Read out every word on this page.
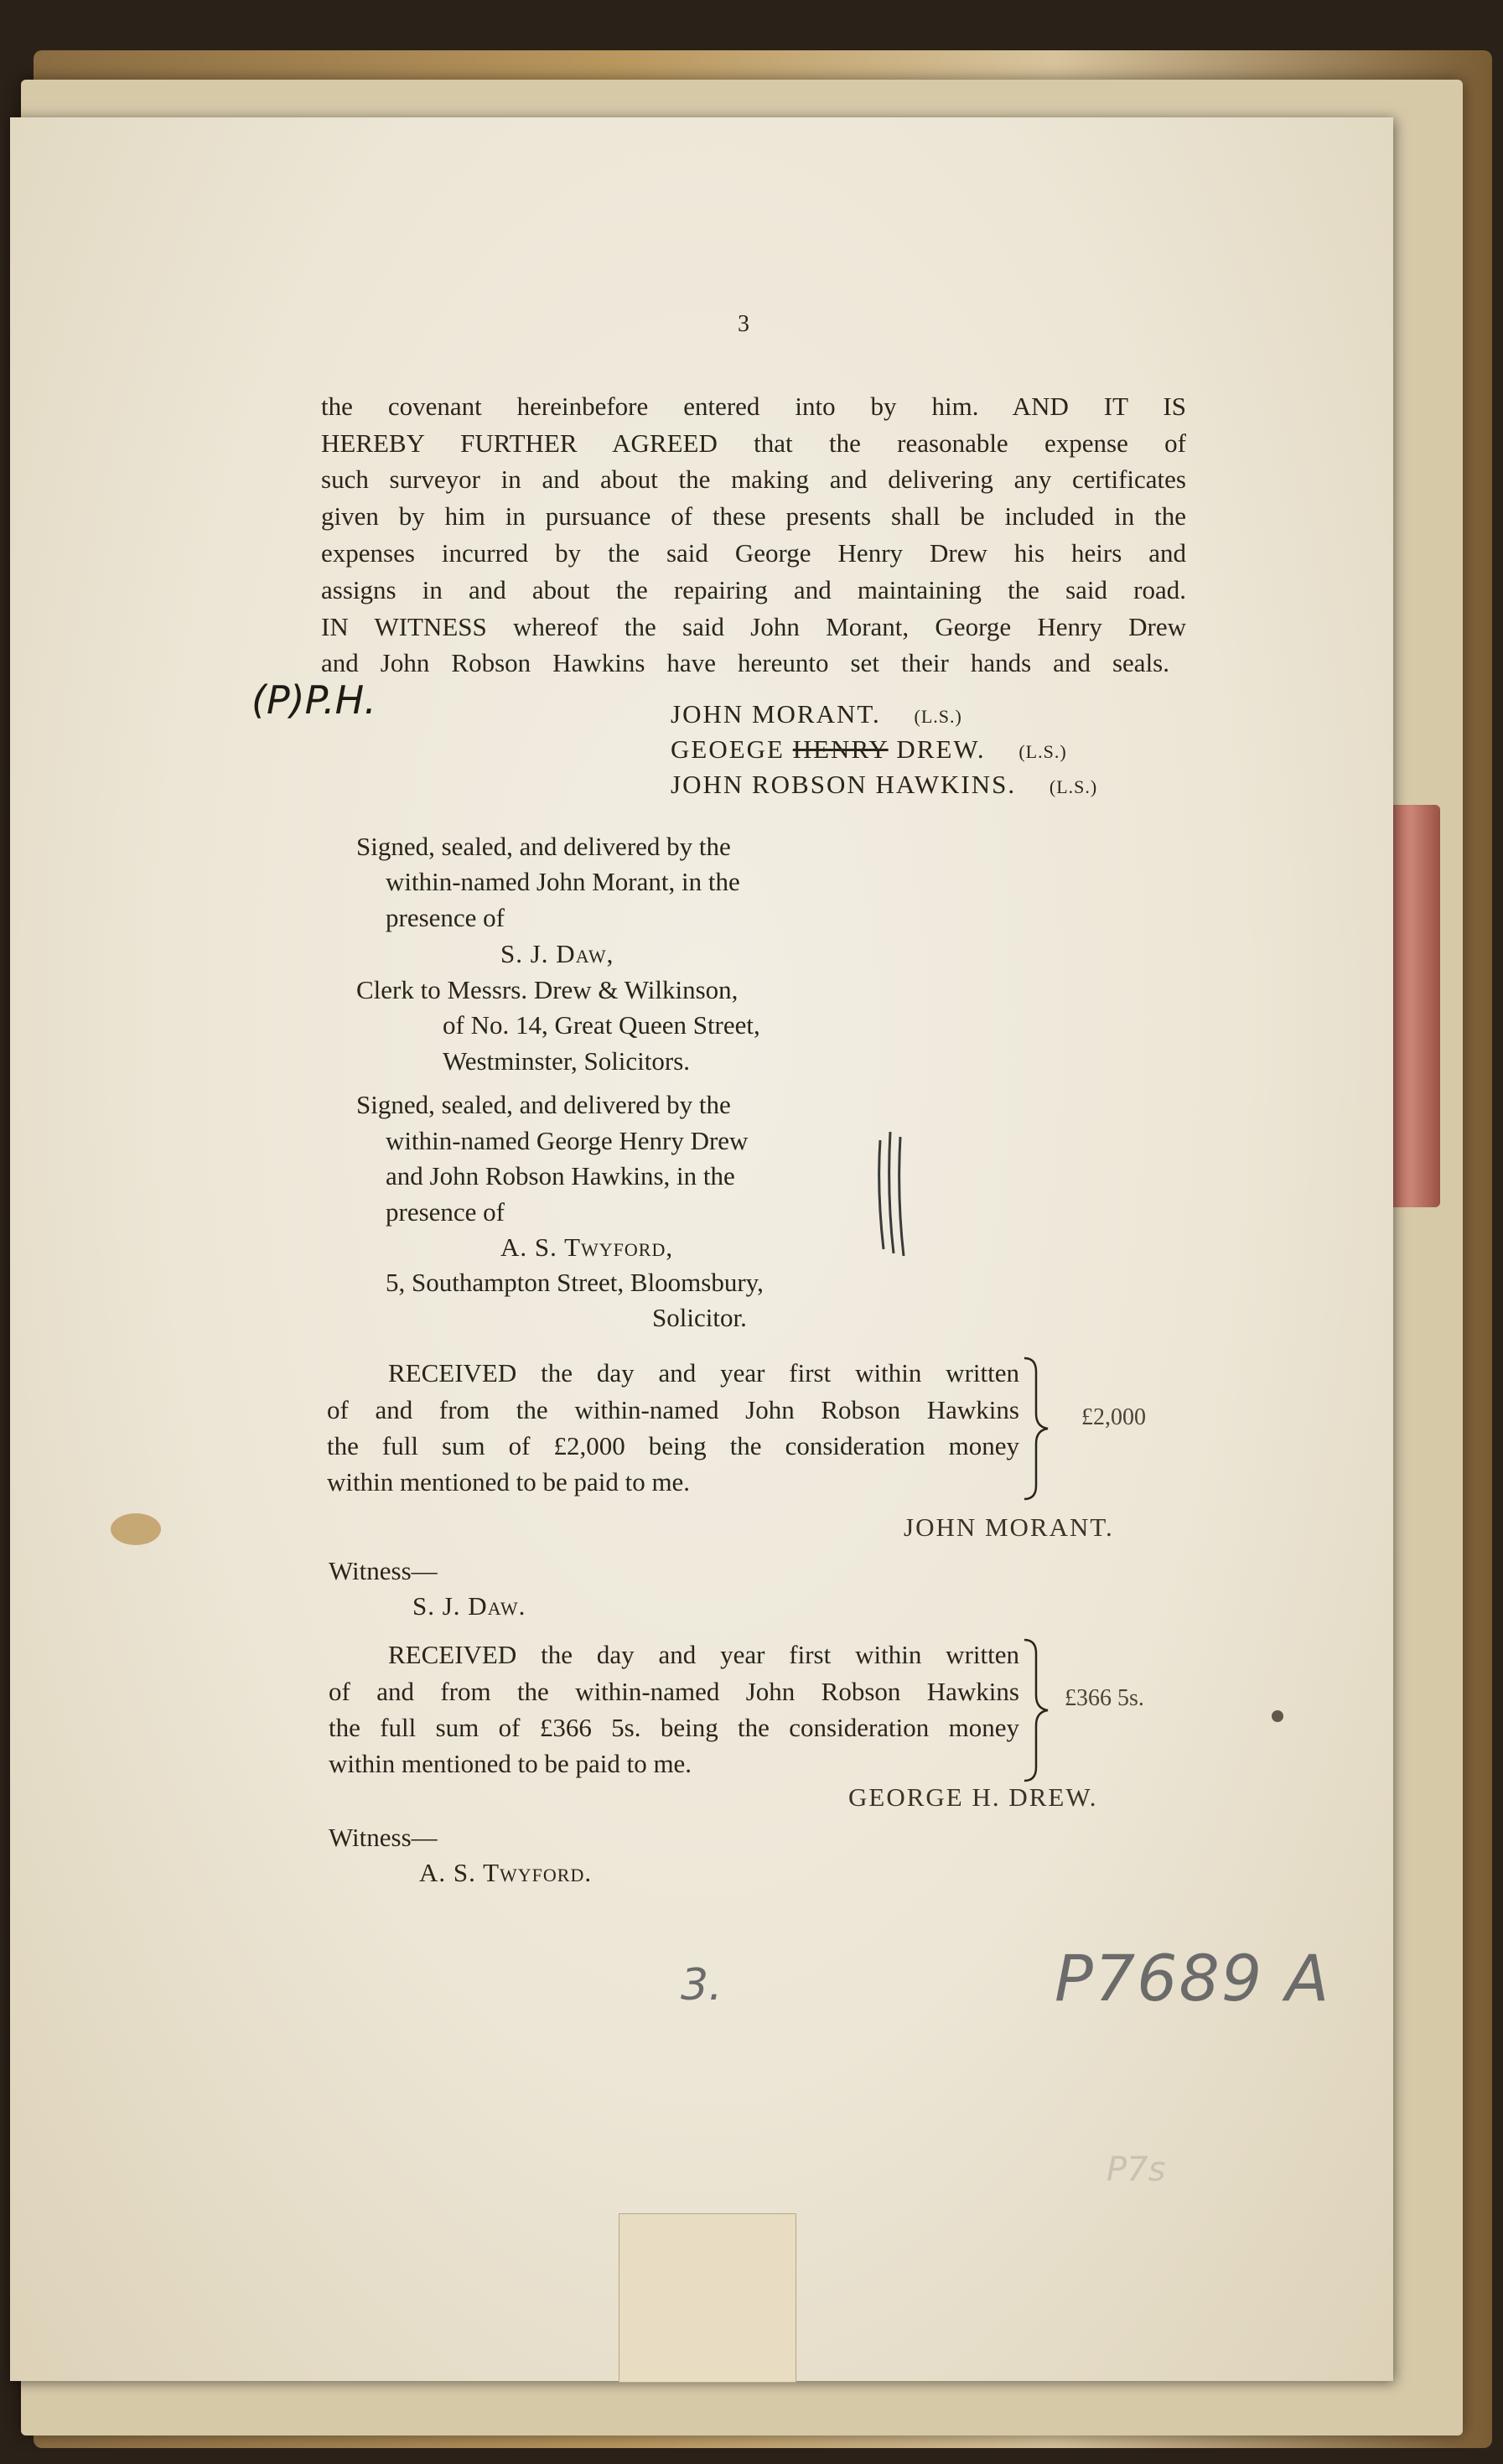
3
the covenant hereinbefore entered into by him. AND IT IS
HEREBY FURTHER AGREED that the reasonable expense of
such surveyor in and about the making and delivering any certificates
given by him in pursuance of these presents shall be included in the
expenses incurred by the said George Henry Drew his heirs and
assigns in and about the repairing and maintaining the said road.
IN WITNESS whereof the said John Morant, George Henry Drew
and John Robson Hawkins have hereunto set their hands and seals.
(P)P.H.	JOHN MORANT. (L.S.)
GEOEGE HENRY DREW. (L.S.)
JOHN ROBSON HAWKINS. (L.S.)
Signed, sealed, and delivered by the
within-named John Morant, in the
presence of
S. J. Daw,
Clerk to Messrs. Drew & Wilkinson,
of No. 14, Great Queen Street,
Westminster, Solicitors.
Signed, sealed, and delivered by the
within-named George Henry Drew
and John Robson Hawkins, in the
presence of
A. S. Twyford,
5, Southampton Street, Bloomsbury,
Solicitor.
RECEIVED the day and year first within written
of and from the within-named John Robson Hawkins
the full sum of £2,000 being the consideration money
within mentioned to be paid to me.
£2,000
JOHN MORANT.
Witness—
S. J. Daw.
RECEIVED the day and year first within written
of and from the within-named John Robson Hawkins
the full sum of £366 5s. being the consideration money
within mentioned to be paid to me.
£366 5s.
GEORGE H. DREW.
Witness—
A. S. Twyford.
3.	P7689 A
P7s
